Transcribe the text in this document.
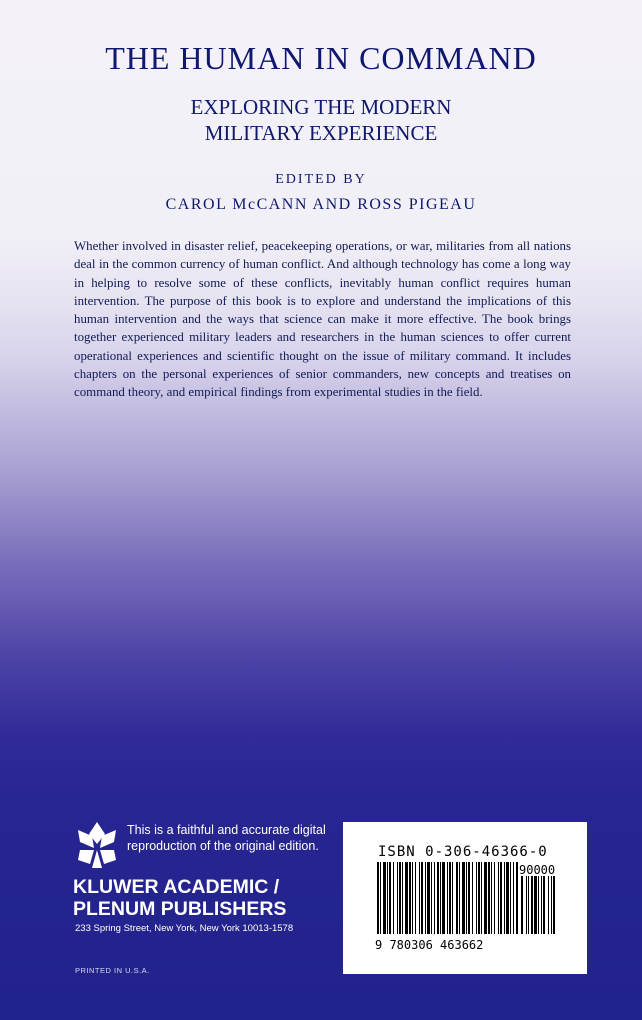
THE HUMAN IN COMMAND
EXPLORING THE MODERN
MILITARY EXPERIENCE
EDITED BY
CAROL McCANN AND ROSS PIGEAU
Whether involved in disaster relief, peacekeeping operations, or war, militaries from all nations deal in the common currency of human conflict. And although technology has come a long way in helping to resolve some of these conflicts, inevitably human conflict requires human intervention. The purpose of this book is to explore and understand the implications of this human intervention and the ways that science can make it more effective. The book brings together experienced military leaders and researchers in the human sciences to offer current operational experiences and scientific thought on the issue of military command. It includes chapters on the personal experiences of senior commanders, new concepts and treatises on command theory, and empirical findings from experimental studies in the field.
This is a faithful and accurate digital
reproduction of the original edition.
KLUWER ACADEMIC /
PLENUM PUBLISHERS
233 Spring Street, New York, New York 10013-1578
PRINTED IN U.S.A.
ISBN 0-306-46366-0
90000
9 780306 463662
